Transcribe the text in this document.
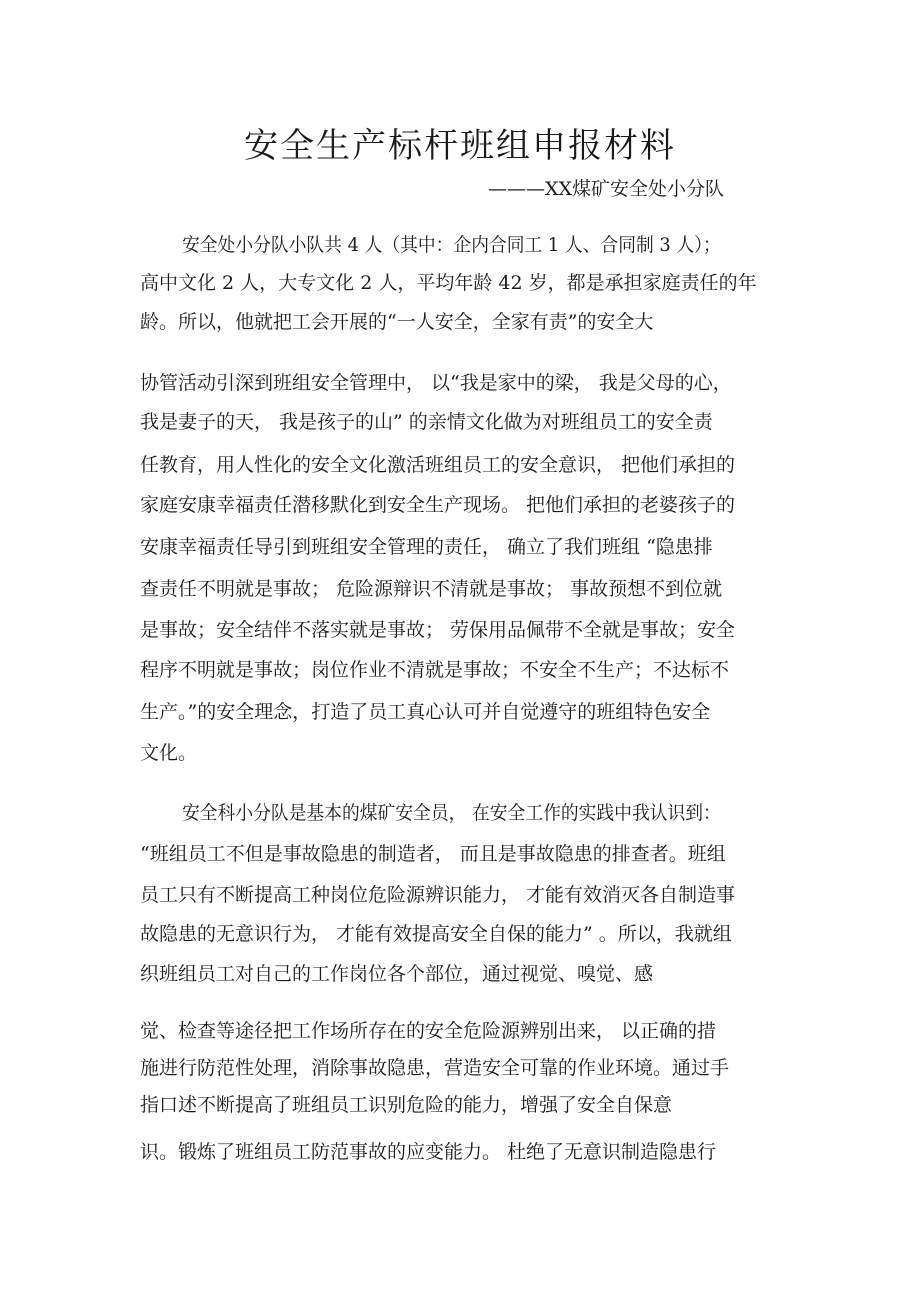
安全生产标杆班组申报材料
———XX煤矿安全处小分队
安全处小分队小队共 4 人（其中：企内合同工 1 人、合同制 3 人）；
高中文化 2 人，大专文化 2 人，平均年龄 42 岁，都是承担家庭责任的年
龄。所以，他就把工会开展的“一人安全，全家有责”的安全大
协管活动引深到班组安全管理中， 以“我是家中的梁， 我是父母的心，
我是妻子的天， 我是孩子的山” 的亲情文化做为对班组员工的安全责
任教育，用人性化的安全文化激活班组员工的安全意识， 把他们承担的
家庭安康幸福责任潜移默化到安全生产现场。 把他们承担的老婆孩子的
安康幸福责任导引到班组安全管理的责任， 确立了我们班组 “隐患排
查责任不明就是事故； 危险源辩识不清就是事故； 事故预想不到位就
是事故；安全结伴不落实就是事故； 劳保用品佩带不全就是事故；安全
程序不明就是事故；岗位作业不清就是事故；不安全不生产；不达标不
生产。”的安全理念，打造了员工真心认可并自觉遵守的班组特色安全
文化。
安全科小分队是基本的煤矿安全员， 在安全工作的实践中我认识到：
“班组员工不但是事故隐患的制造者， 而且是事故隐患的排查者。班组
员工只有不断提高工种岗位危险源辨识能力， 才能有效消灭各自制造事
故隐患的无意识行为， 才能有效提高安全自保的能力” 。所以，我就组
织班组员工对自己的工作岗位各个部位，通过视觉、嗅觉、感
觉、检查等途径把工作场所存在的安全危险源辨别出来， 以正确的措
施进行防范性处理，消除事故隐患，营造安全可靠的作业环境。通过手
指口述不断提高了班组员工识别危险的能力，增强了安全自保意
识。锻炼了班组员工防范事故的应变能力。 杜绝了无意识制造隐患行
